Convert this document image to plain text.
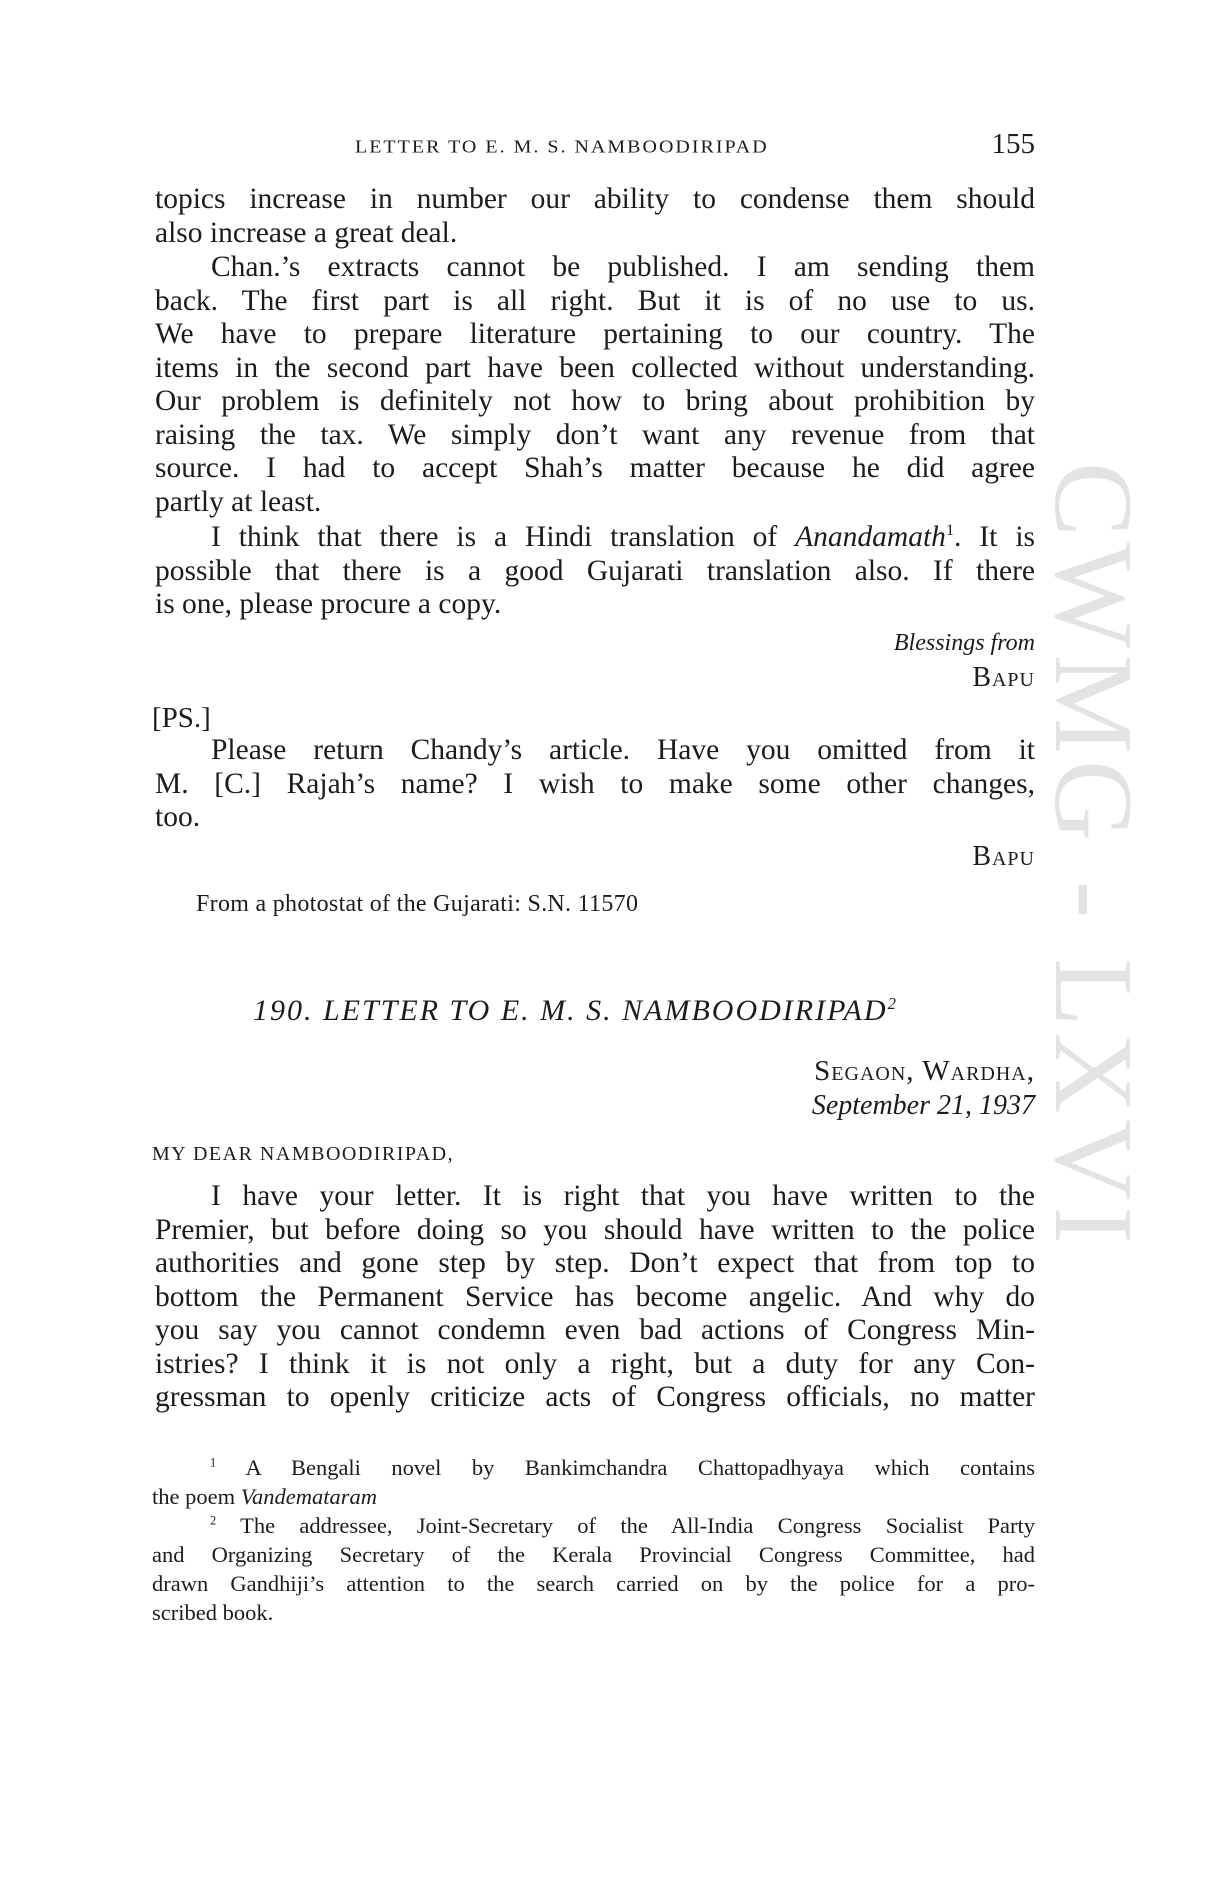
CWMG - LXVI
LETTER TO E. M. S. NAMBOODIRIPAD	155
topics increase in number our ability to condense them should
also increase a great deal.
Chan.’s extracts cannot be published. I am sending them
back. The first part is all right. But it is of no use to us.
We have to prepare literature pertaining to our country. The
items in the second part have been collected without understanding.
Our problem is definitely not how to bring about prohibition by
raising the tax. We simply don’t want any revenue from that
source. I had to accept Shah’s matter because he did agree
partly at least.
I think that there is a Hindi translation of Anandamath$^1$. It is
possible that there is a good Gujarati translation also. If there
is one, please procure a copy.
Blessings from
Bapu
[PS.]
Please return Chandy’s article. Have you omitted from it
M. [C.] Rajah’s name? I wish to make some other changes,
too.
Bapu
From a photostat of the Gujarati: S.N. 11570
190. LETTER TO E. M. S. NAMBOODIRIPAD$^2$
Segaon, Wardha,
September 21, 1937
MY DEAR NAMBOODIRIPAD,
I have your letter. It is right that you have written to the
Premier, but before doing so you should have written to the police
authorities and gone step by step. Don’t expect that from top to
bottom the Permanent Service has become angelic. And why do
you say you cannot condemn even bad actions of Congress Min-
istries? I think it is not only a right, but a duty for any Con-
gressman to openly criticize acts of Congress officials, no matter
$^1$ A Bengali novel by Bankimchandra Chattopadhyaya which contains
the poem Vandemataram
$^2$ The addressee, Joint-Secretary of the All-India Congress Socialist Party
and Organizing Secretary of the Kerala Provincial Congress Committee, had
drawn Gandhiji’s attention to the search carried on by the police for a pro-
scribed book.
